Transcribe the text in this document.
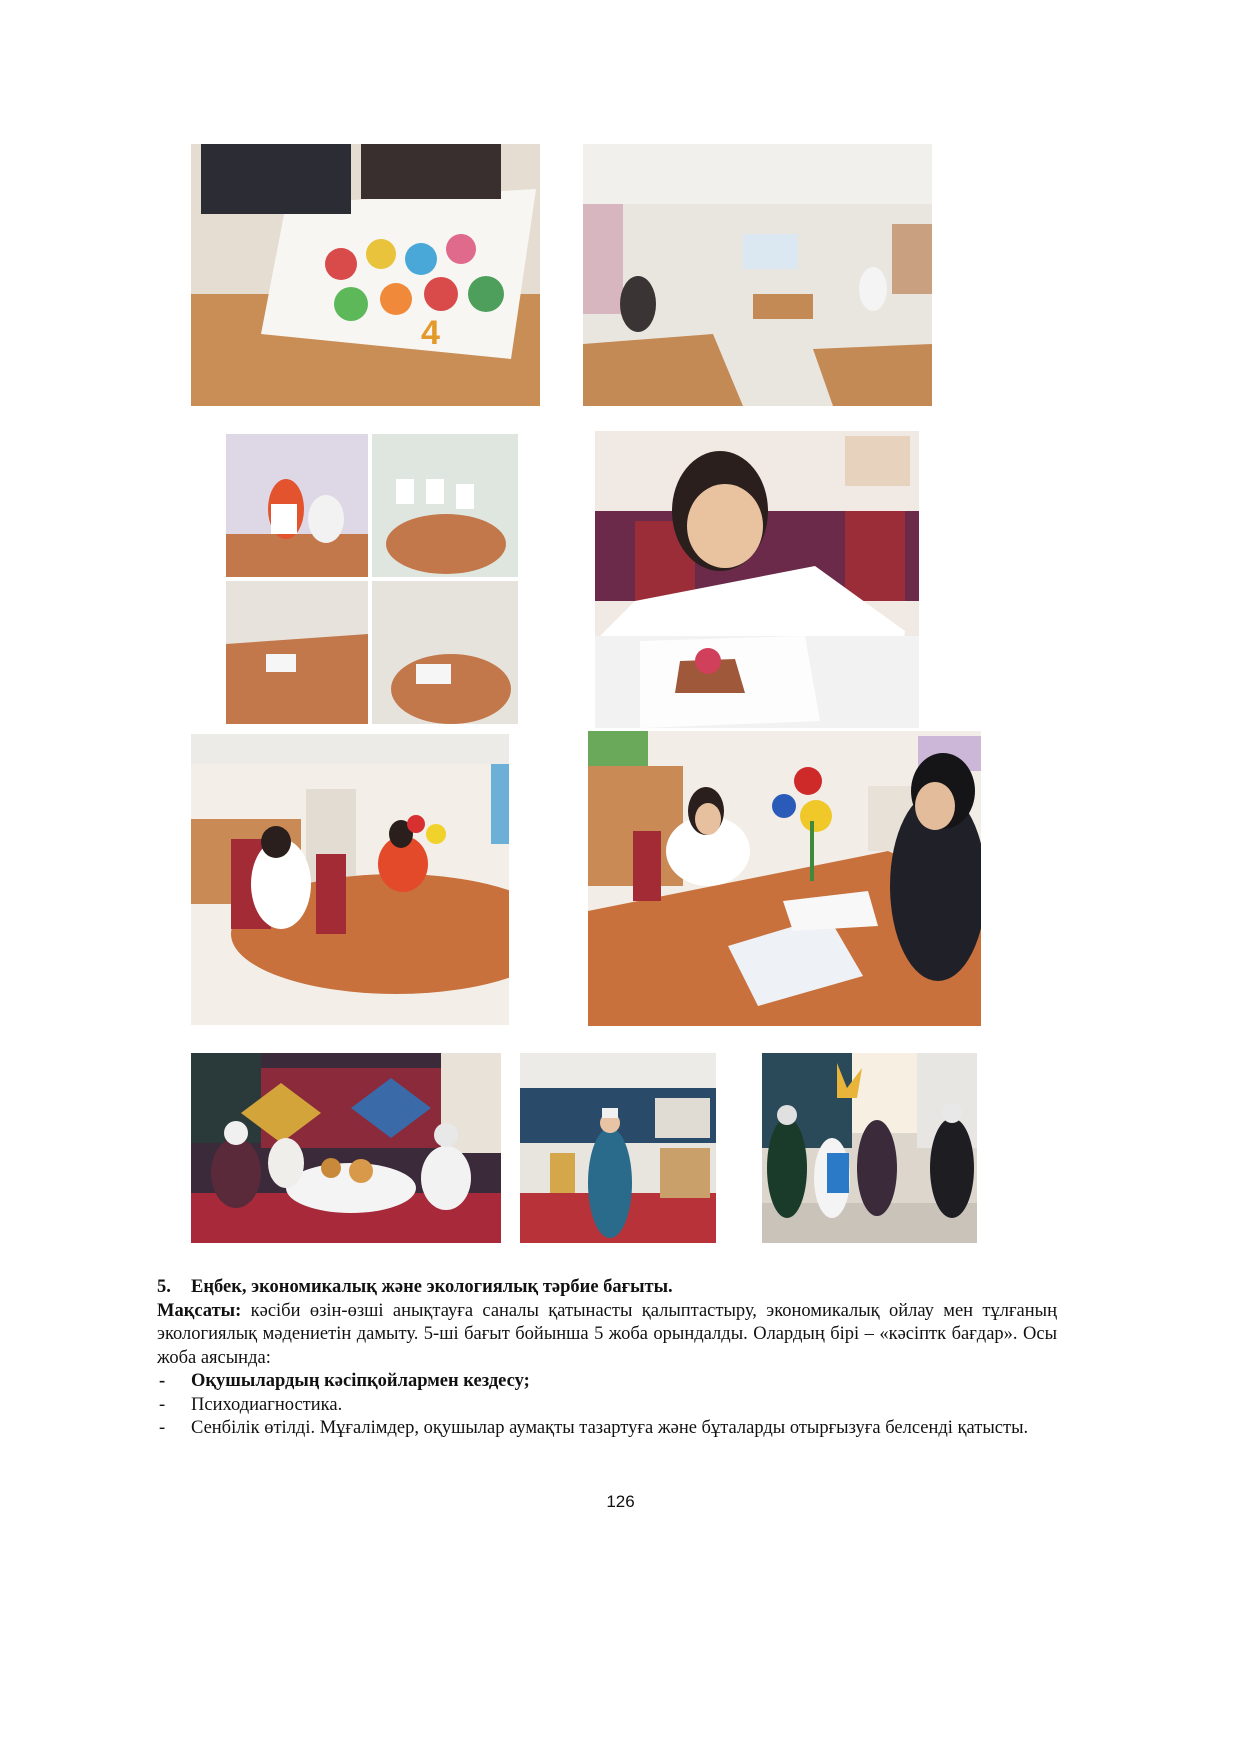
4

5. Еңбек, экономикалық және экологиялық тәрбие бағыты.

Мақсаты: кәсіби өзін-өзші анықтауға саналы қатынасты қалыптастыру, экономикалық ойлау мен тұлғаның экологиялық мәдениетін дамыту. 5-ші бағыт бойынша 5 жоба орындалды. Олардың бірі – «кәсіптк бағдар». Осы жоба аясында:

- Оқушылардың кәсіпқойлармен кездесу;
- Психодиагностика.
- Сенбілік өтілді. Мұғалімдер, оқушылар аумақты тазартуға және бұталарды отырғызуға белсенді қатысты.
126
